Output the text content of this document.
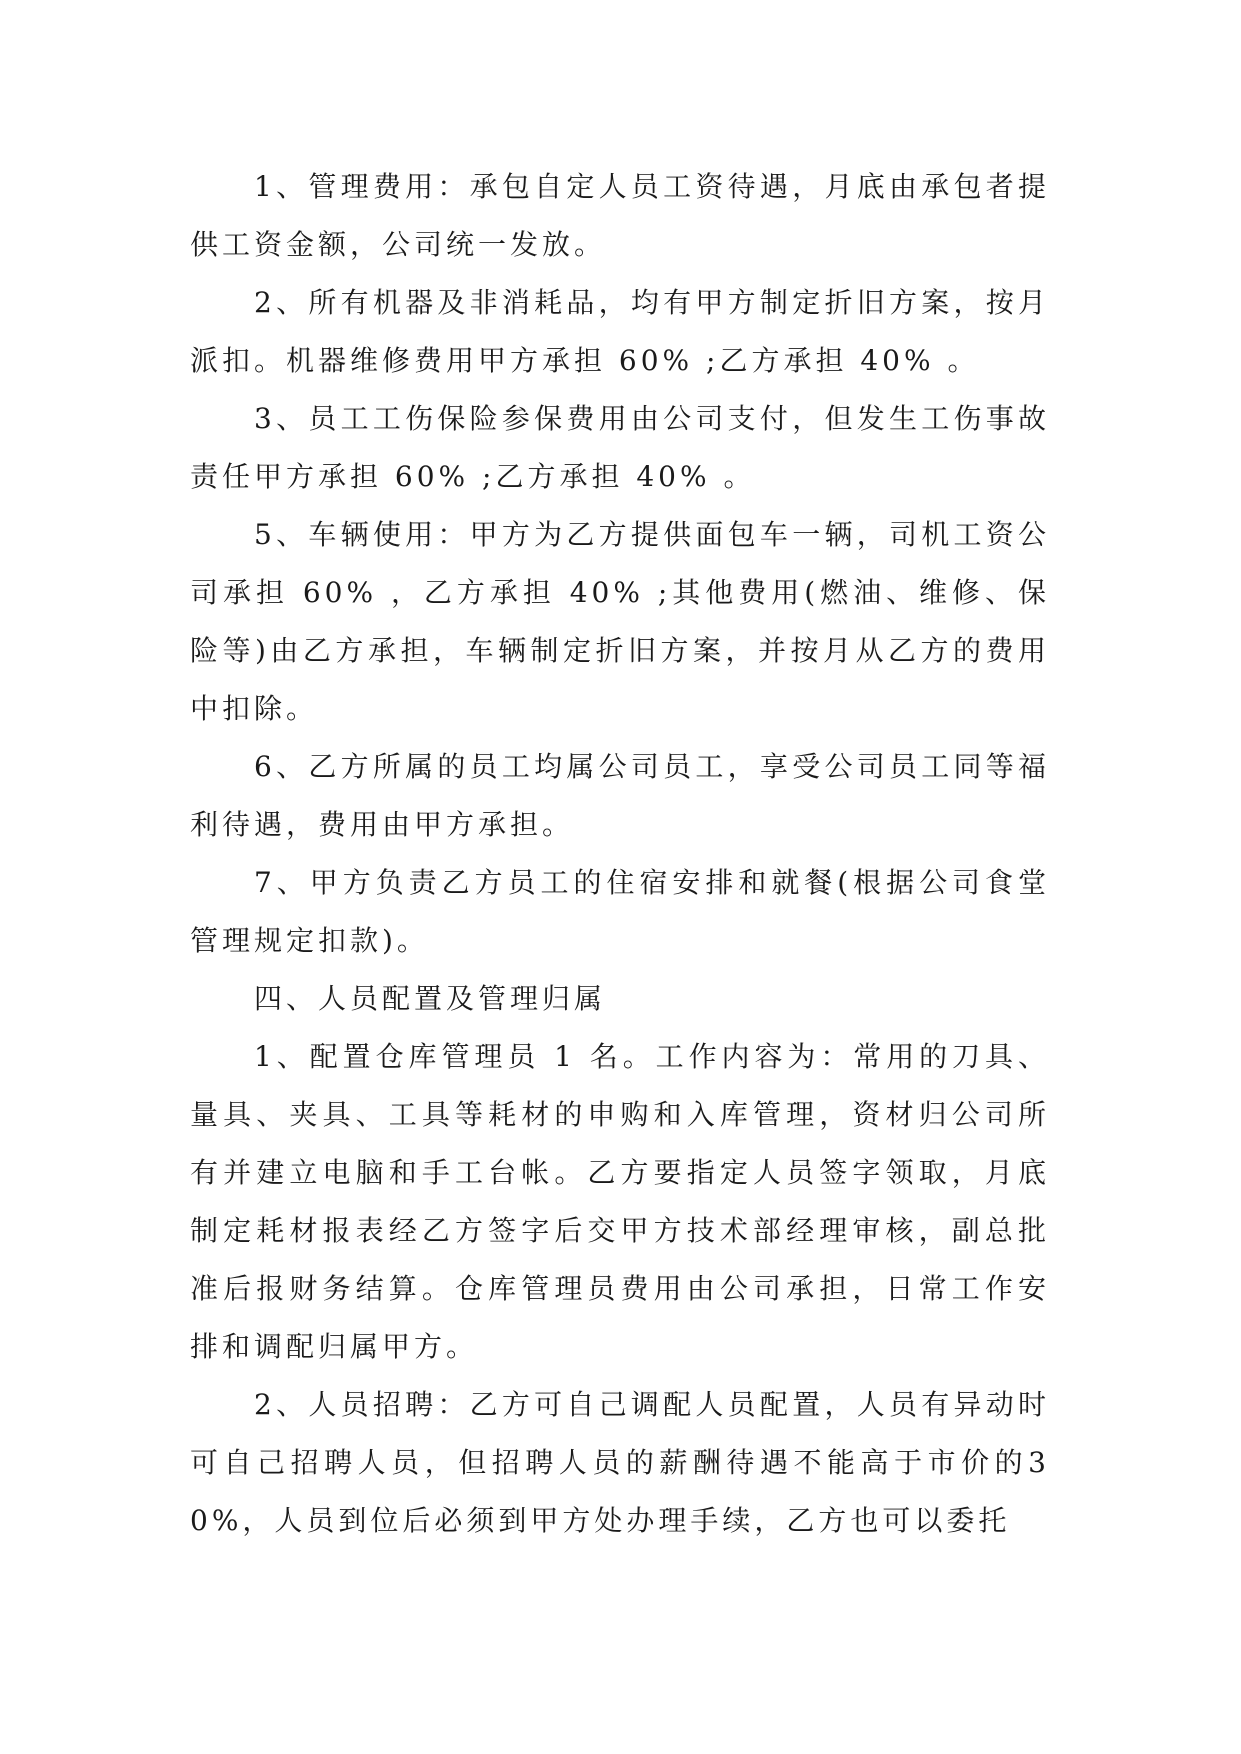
1、管理费用：承包自定人员工资待遇，月底由承包者提供工资金额，公司统一发放。

2、所有机器及非消耗品，均有甲方制定折旧方案，按月派扣。机器维修费用甲方承担 60% ;乙方承担 40% 。

3、员工工伤保险参保费用由公司支付，但发生工伤事故责任甲方承担 60% ;乙方承担 40% 。

5、车辆使用：甲方为乙方提供面包车一辆，司机工资公司承担 60% ，乙方承担 40% ;其他费用(燃油、维修、保险等)由乙方承担，车辆制定折旧方案，并按月从乙方的费用中扣除。

6、乙方所属的员工均属公司员工，享受公司员工同等福利待遇，费用由甲方承担。

7、甲方负责乙方员工的住宿安排和就餐(根据公司食堂管理规定扣款)。

四、人员配置及管理归属

1、配置仓库管理员 1 名。工作内容为：常用的刀具、量具、夹具、工具等耗材的申购和入库管理，资材归公司所有并建立电脑和手工台帐。乙方要指定人员签字领取，月底制定耗材报表经乙方签字后交甲方技术部经理审核，副总批准后报财务结算。仓库管理员费用由公司承担，日常工作安排和调配归属甲方。

2、人员招聘：乙方可自己调配人员配置，人员有异动时可自己招聘人员，但招聘人员的薪酬待遇不能高于市价的30%，人员到位后必须到甲方处办理手续，乙方也可以委托
